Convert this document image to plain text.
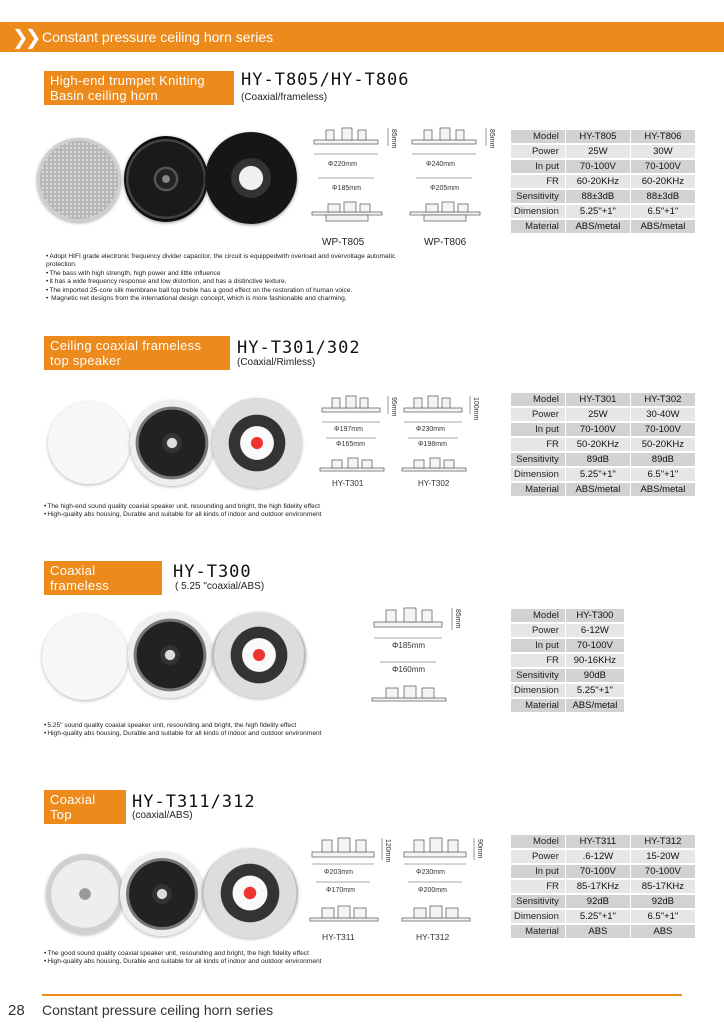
❯❯ Constant pressure ceiling horn series
High-end trumpet Knitting
Basin ceiling horn
HY-T805/HY-T806
(Coaxial/frameless)
85mm
Φ220mm
Φ185mm
WP-T805
85mm
Φ240mm
Φ205mm
WP-T806
Model	HY-T805	HY-T806
Power	25W	30W
In put	70-100V	70-100V
FR	60-20KHz	60-20KHz
Sensitivity	88±3dB	88±3dB
Dimension	5.25"+1"	6.5"+1"
Material	ABS/metal	ABS/metal
• Adopt HIFI grade electronic frequency divider capacitor, the circuit is equippedwith overload and overvoltage automatic protection.
• The bass with high strength, high power and little influence
• It has a wide frequency response and low distortion, and has a distinctive texture.
• The imported 25-core silk membrane ball top treble has a good effect on the restoration of human voice.
• Magnetic net designs from the international design concept, which is more fashionable and charming.
Ceiling coaxial frameless
top speaker
HY-T301/302
(Coaxial/Rimless)
95mm
Φ197mm
Φ165mm
HY-T301
100mm
Φ230mm
Φ198mm
HY-T302
Model	HY-T301	HY-T302
Power	25W	30-40W
In put	70-100V	70-100V
FR	50-20KHz	50-20KHz
Sensitivity	89dB	89dB
Dimension	5.25"+1"	6.5"+1"
Material	ABS/metal	ABS/metal
• The high-end sound quality coaxial speaker unit, resounding and bright, the high fidelity effect
• High-quality abs housing, Durable and suitable for all kinds of indoor and outdoor environment
Coaxial frameless
ceiling speaker
HY-T300
( 5.25 "coaxial/ABS)
85mm
Φ185mm
Φ160mm
Model	HY-T300
Power	6-12W
In put	70-100V
FR	90-16KHz
Sensitivity	90dB
Dimension	5.25"+1"
Material	ABS/metal
• 5.25" sound quality coaxial speaker unit, resounding and bright, the high fidelity effect
• High-quality abs housing, Durable and suitable for all kinds of indoor and outdoor environment
Coaxial Top
ceiling horn
HY-T311/312
(coaxial/ABS)
120mm
Φ203mm
Φ170mm
HY-T311
90mm
Φ230mm
Φ200mm
HY-T312
Model	HY-T311	HY-T312
Power	.6-12W	15-20W
In put	70-100V	70-100V
FR	85-17KHz	85-17KHz
Sensitivity	92dB	92dB
Dimension	5.25"+1"	6.5"+1"
Material	ABS	ABS
• The good sound quality coaxial speaker unit, resounding and bright, the high fidelity effect
• High-quality abs housing, Durable and suitable for all kinds of indoor and outdoor environment
28 Constant pressure ceiling horn series
